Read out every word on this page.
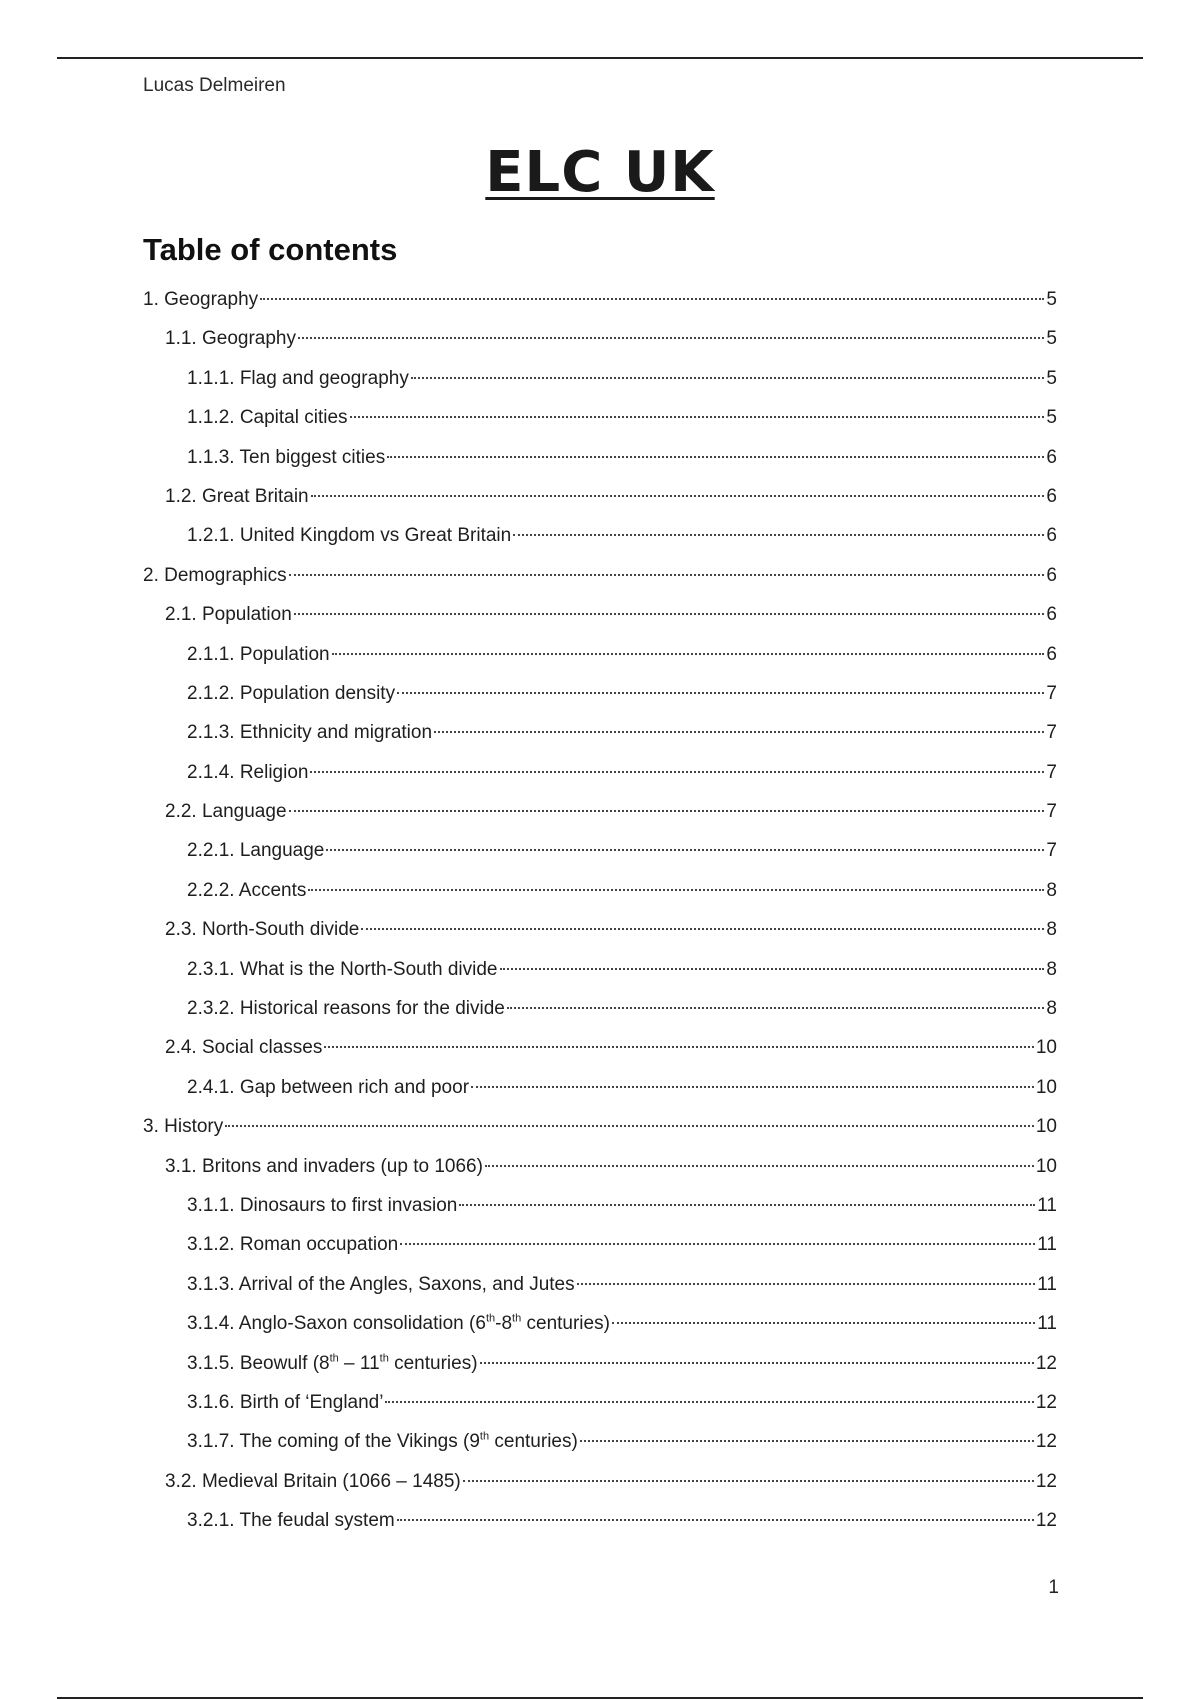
Lucas Delmeiren
ELC UK
Table of contents
1. Geography	5
1.1. Geography	5
1.1.1. Flag and geography	5
1.1.2. Capital cities	5
1.1.3. Ten biggest cities	6
1.2. Great Britain	6
1.2.1. United Kingdom vs Great Britain	6
2. Demographics	6
2.1. Population	6
2.1.1. Population	6
2.1.2. Population density	7
2.1.3. Ethnicity and migration	7
2.1.4. Religion	7
2.2. Language	7
2.2.1. Language	7
2.2.2. Accents	8
2.3. North-South divide	8
2.3.1. What is the North-South divide	8
2.3.2. Historical reasons for the divide	8
2.4. Social classes	10
2.4.1. Gap between rich and poor	10
3. History	10
3.1. Britons and invaders (up to 1066)	10
3.1.1. Dinosaurs to first invasion	11
3.1.2. Roman occupation	11
3.1.3. Arrival of the Angles, Saxons, and Jutes	11
3.1.4. Anglo-Saxon consolidation (6th-8th centuries)	11
3.1.5. Beowulf (8th – 11th centuries)	12
3.1.6. Birth of ‘England’	12
3.1.7. The coming of the Vikings (9th centuries)	12
3.2. Medieval Britain (1066 – 1485)	12
3.2.1. The feudal system	12
1
